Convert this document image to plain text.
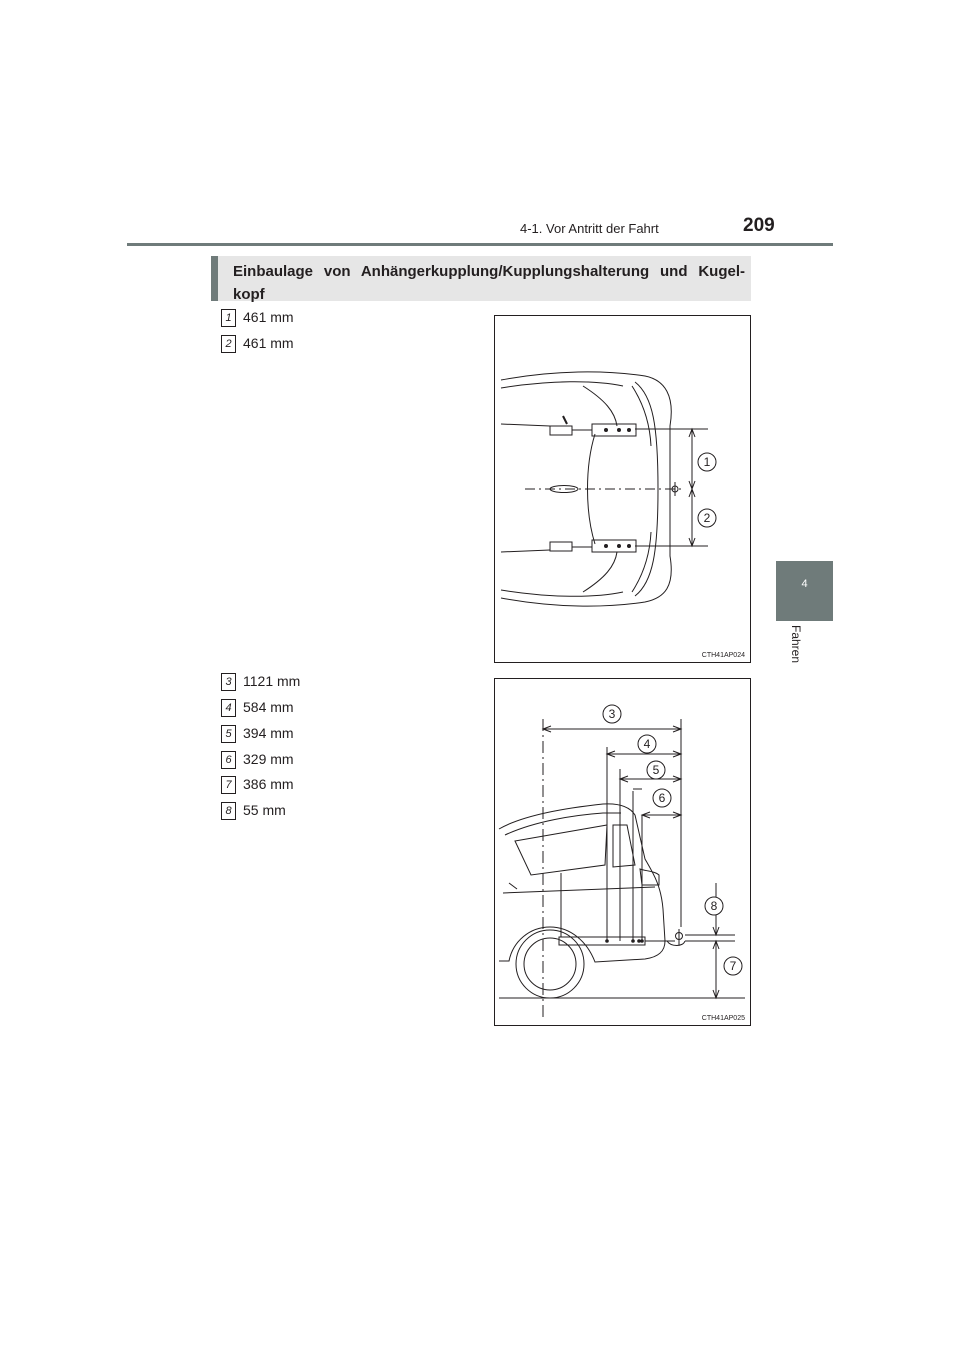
4-1. Vor Antritt der Fahrt	209
4
Fahren
Einbaulage von Anhängerkupplung/Kupplungshalterung und Kugel-kopf
1 461 mm
2 461 mm
3 1121 mm
4 584 mm
5 394 mm
6 329 mm
7 386 mm
8 55 mm
1
2
CTH41AP024
3
4
5
6
8
7
CTH41AP025
